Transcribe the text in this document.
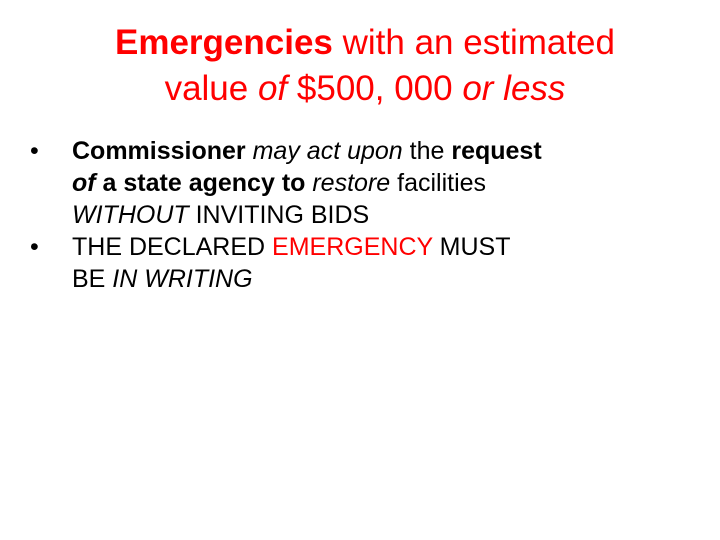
Emergencies with an estimated
value of $500, 000 or less
• Commissioner may act upon the request
of a state agency to restore facilities
WITHOUT INVITING BIDS
• THE DECLARED EMERGENCY MUST
BE IN WRITING
